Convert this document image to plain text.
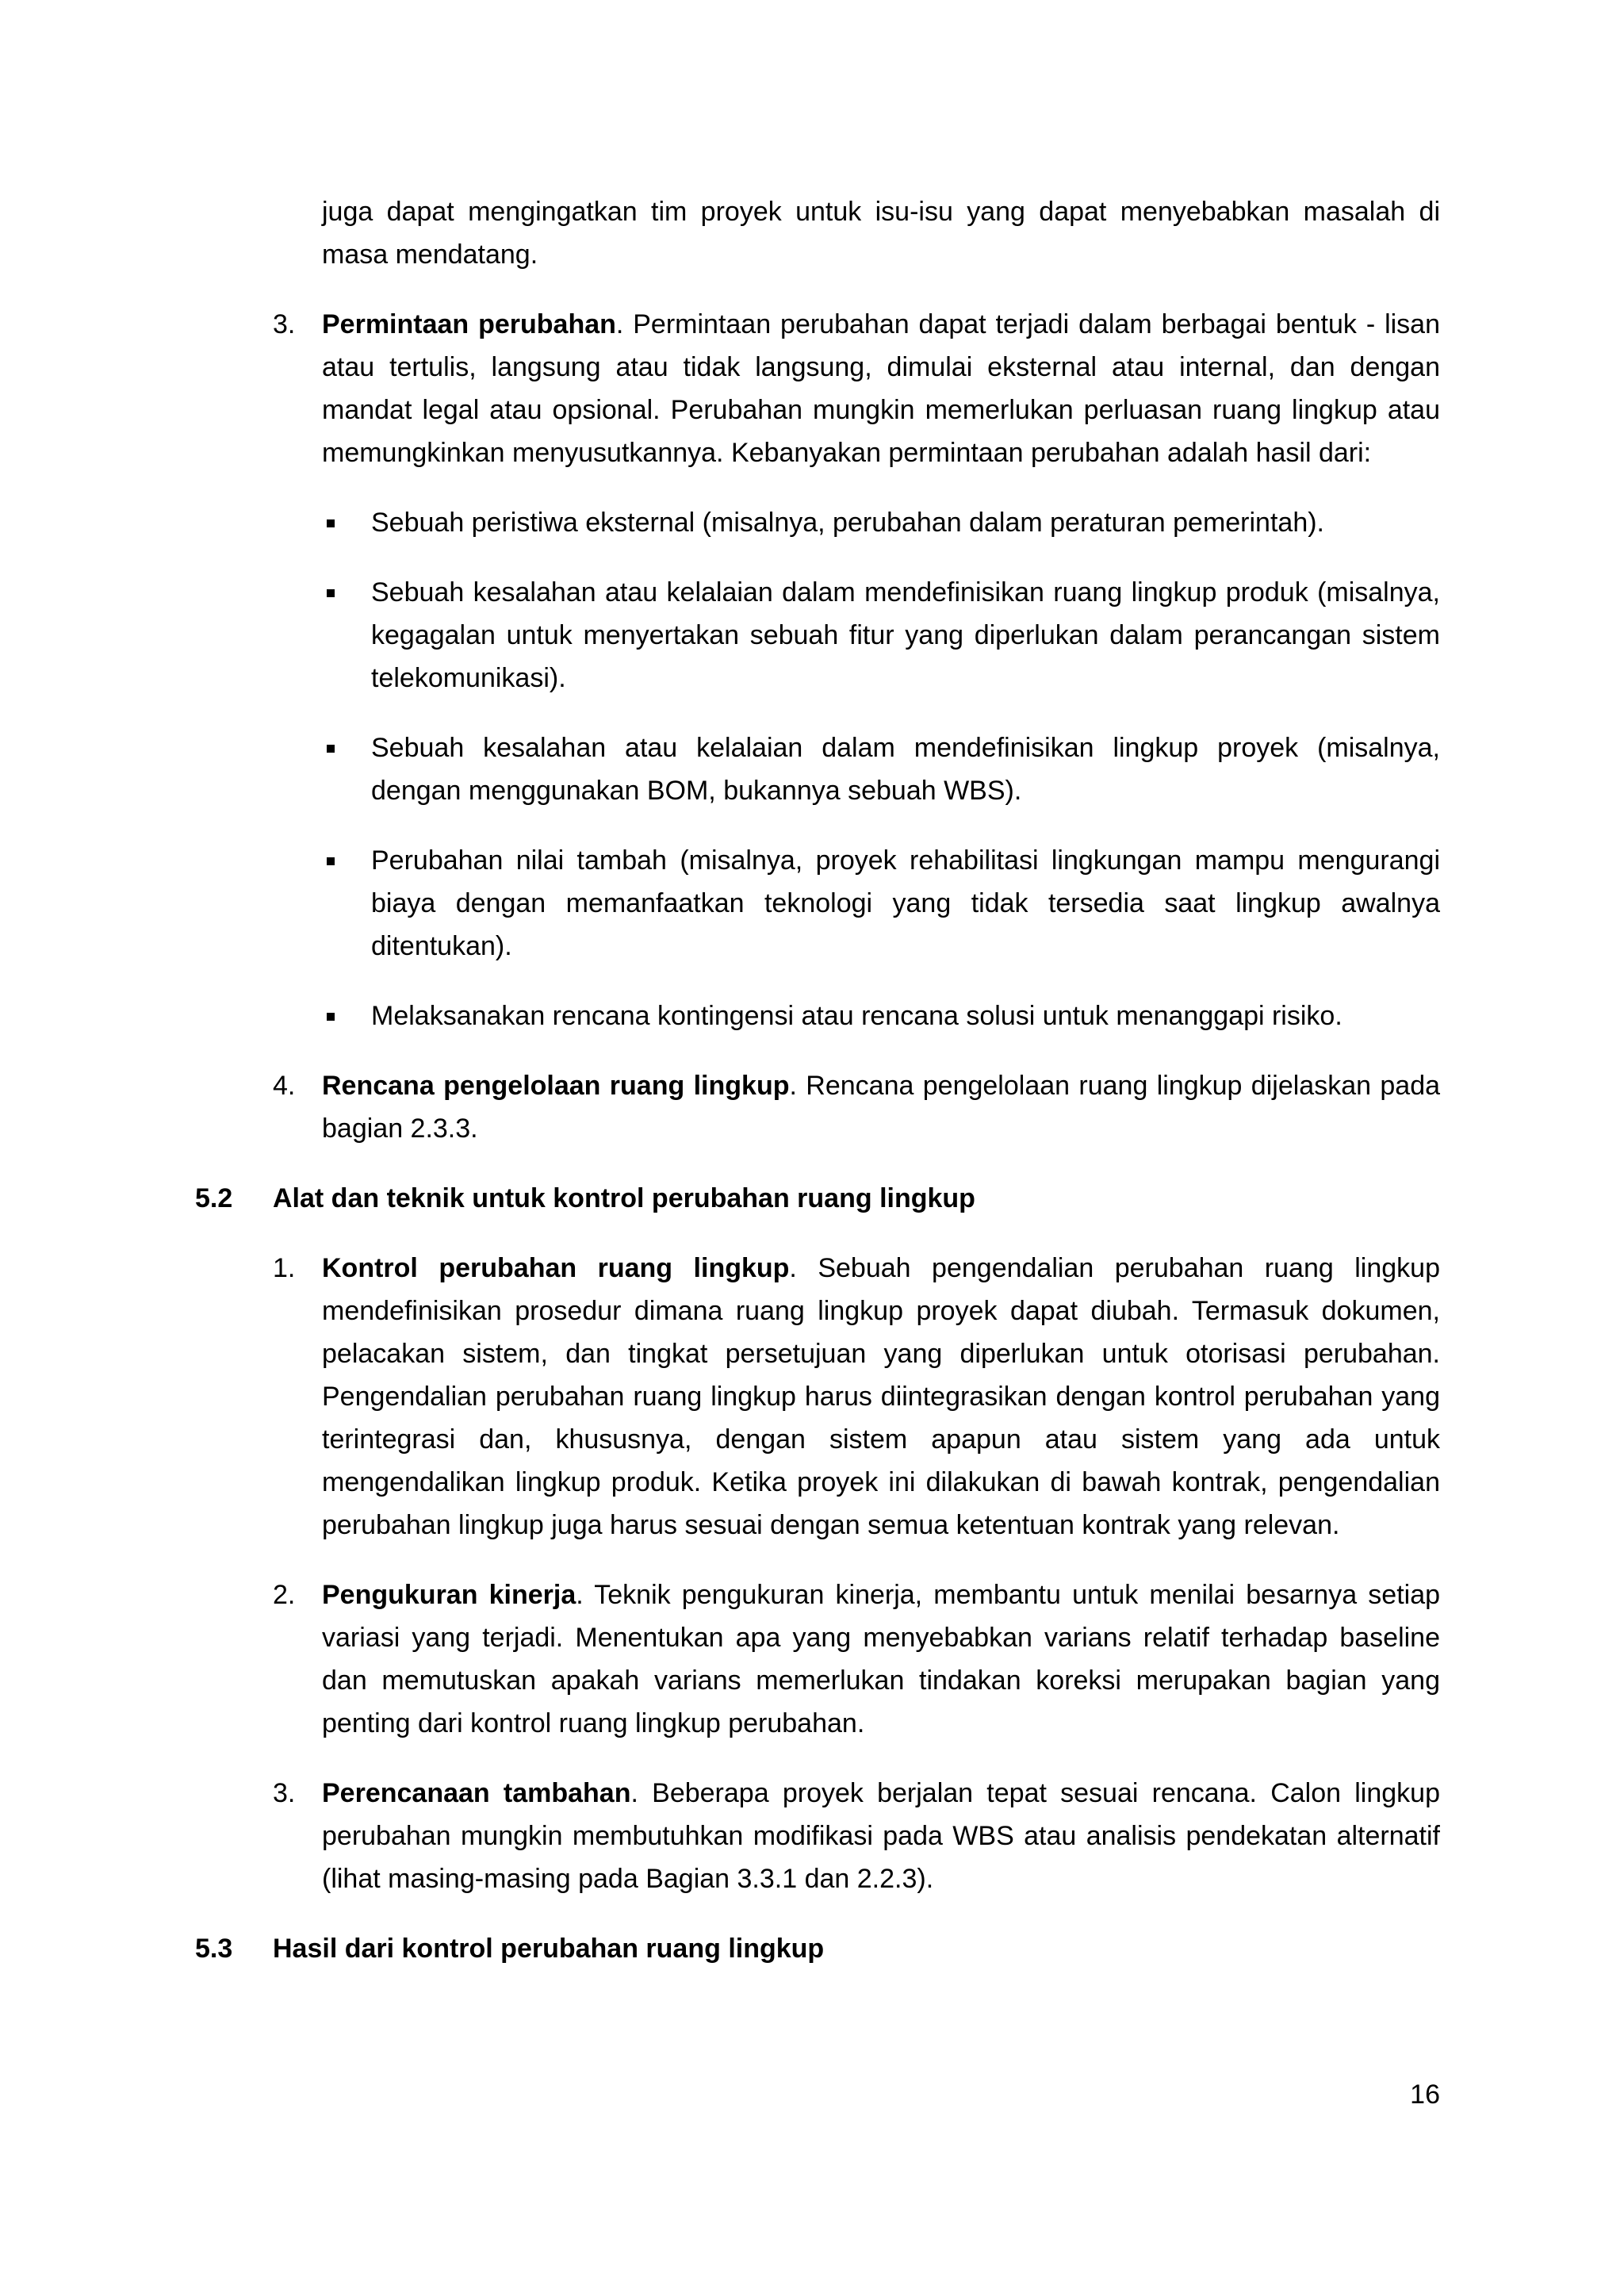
juga dapat mengingatkan tim proyek untuk isu-isu yang dapat menyebabkan masalah di masa mendatang.

3. Permintaan perubahan. Permintaan perubahan dapat terjadi dalam berbagai bentuk - lisan atau tertulis, langsung atau tidak langsung, dimulai eksternal atau internal, dan dengan mandat legal atau opsional. Perubahan mungkin memerlukan perluasan ruang lingkup atau memungkinkan menyusutkannya. Kebanyakan permintaan perubahan adalah hasil dari:

Sebuah peristiwa eksternal (misalnya, perubahan dalam peraturan pemerintah).

Sebuah kesalahan atau kelalaian dalam mendefinisikan ruang lingkup produk (misalnya, kegagalan untuk menyertakan sebuah fitur yang diperlukan dalam perancangan sistem telekomunikasi).

Sebuah kesalahan atau kelalaian dalam mendefinisikan lingkup proyek (misalnya, dengan menggunakan BOM, bukannya sebuah WBS).

Perubahan nilai tambah (misalnya, proyek rehabilitasi lingkungan mampu mengurangi biaya dengan memanfaatkan teknologi yang tidak tersedia saat lingkup awalnya ditentukan).

Melaksanakan rencana kontingensi atau rencana solusi untuk menanggapi risiko.

4. Rencana pengelolaan ruang lingkup. Rencana pengelolaan ruang lingkup dijelaskan pada bagian 2.3.3.

5.2 Alat dan teknik untuk kontrol perubahan ruang lingkup
1. Kontrol perubahan ruang lingkup. Sebuah pengendalian perubahan ruang lingkup mendefinisikan prosedur dimana ruang lingkup proyek dapat diubah. Termasuk dokumen, pelacakan sistem, dan tingkat persetujuan yang diperlukan untuk otorisasi perubahan. Pengendalian perubahan ruang lingkup harus diintegrasikan dengan kontrol perubahan yang terintegrasi dan, khususnya, dengan sistem apapun atau sistem yang ada untuk mengendalikan lingkup produk. Ketika proyek ini dilakukan di bawah kontrak, pengendalian perubahan lingkup juga harus sesuai dengan semua ketentuan kontrak yang relevan.

2. Pengukuran kinerja. Teknik pengukuran kinerja, membantu untuk menilai besarnya setiap variasi yang terjadi. Menentukan apa yang menyebabkan varians relatif terhadap baseline dan memutuskan apakah varians memerlukan tindakan koreksi merupakan bagian yang penting dari kontrol ruang lingkup perubahan.

3. Perencanaan tambahan. Beberapa proyek berjalan tepat sesuai rencana. Calon lingkup perubahan mungkin membutuhkan modifikasi pada WBS atau analisis pendekatan alternatif (lihat masing-masing pada Bagian 3.3.1 dan 2.2.3).

5.3 Hasil dari kontrol perubahan ruang lingkup
16
